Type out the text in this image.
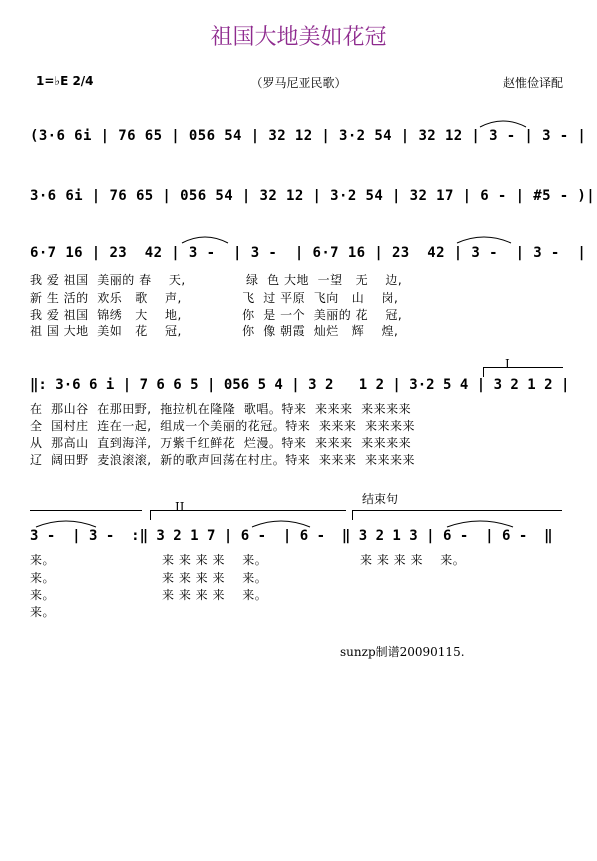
祖国大地美如花冠
1=♭E 2/4	（罗马尼亚民歌）	赵惟俭译配
(3·6 6i | 76 65 | 056 54 | 32 12 | 3·2 54 | 32 12 | 3 - | 3 - |
3·6 6i | 76 65 | 056 54 | 32 12 | 3·2 54 | 32 17 | 6 - | #5 - )|
6·7 16 | 23  42 | 3 -  | 3 -  | 6·7 16 | 23  42 | 3 -  | 3 -  |
我 爱 祖国  美丽的 春    天,              绿  色 大地  一望   无    边,
新 生 活的  欢乐   歌    声,              飞  过 平原  飞向   山    岗,
我 爱 祖国  锦绣   大    地,              你  是 一个  美丽的 花    冠,
祖 国 大地  美如   花    冠,              你  像 朝霞  灿烂   辉    煌,
I
‖: 3·6 6 i | 7 6 6 5 | 056 5 4 | 3 2   1 2 | 3·2 5 4 | 3 2 1 2 |
在  那山谷  在那田野,  拖拉机在隆隆  歌唱。特来  来来来  来来来来
全  国村庄  连在一起,  组成一个美丽的花冠。特来  来来来  来来来来
从  那高山  直到海洋,  万紫千红鲜花  烂漫。特来  来来来  来来来来
辽  阔田野  麦浪滚滚,  新的歌声回荡在村庄。特来  来来来  来来来来
结束句
II
3 -  | 3 -  :‖ 3 2 1 7 | 6 -  | 6 -  ‖ 3 2 1 3 | 6 -  | 6 -  ‖
来。
来。
来。
来。
来 来 来 来    来。
来 来 来 来    来。
来 来 来 来    来。
来 来 来 来    来。
sunzp制谱20090115.
